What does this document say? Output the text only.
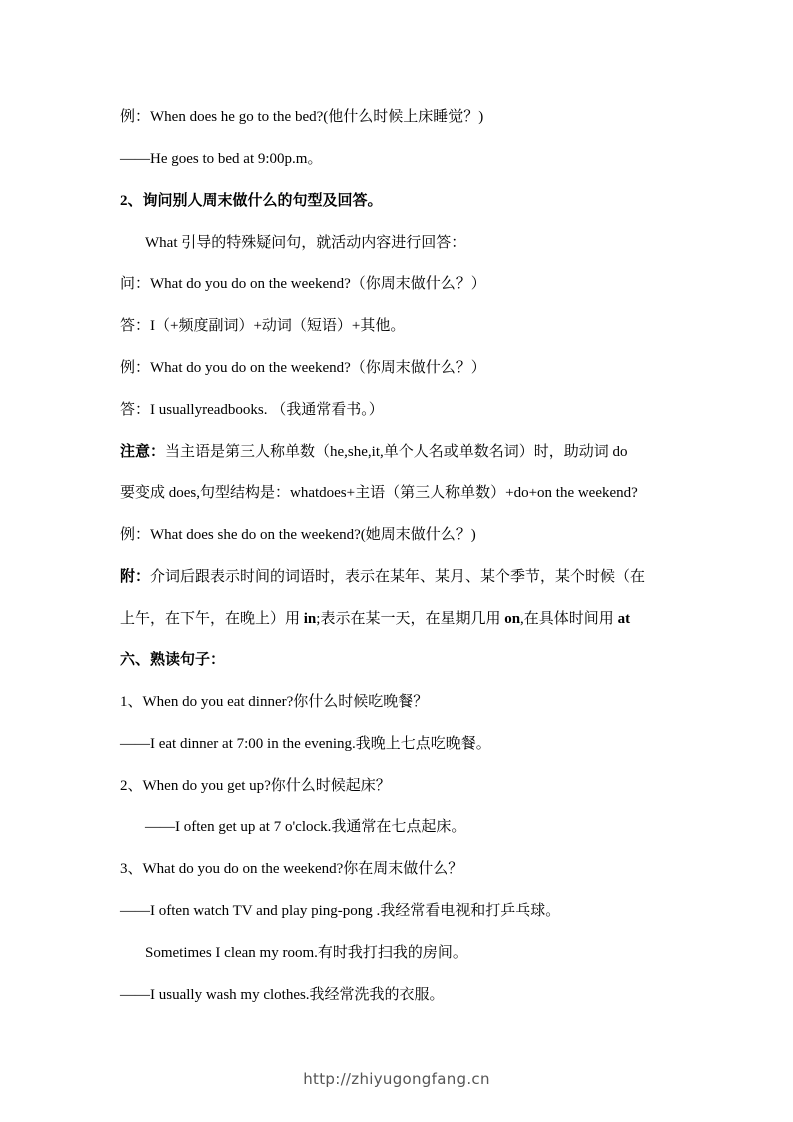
例：When does he go to the bed?(他什么时候上床睡觉？)
——He goes to bed at 9:00p.m。
2、询问别人周末做什么的句型及回答。
What 引导的特殊疑问句，就活动内容进行回答：
问：What do you do on the weekend?（你周末做什么？）
答：I（+频度副词）+动词（短语）+其他。
例：What do you do on the weekend?（你周末做什么？）
答：I usuallyreadbooks. （我通常看书。）
注意：当主语是第三人称单数（he,she,it,单个人名或单数名词）时，助动词 do
要变成 does,句型结构是：whatdoes+主语（第三人称单数）+do+on the weekend?
例：What does she do on the weekend?(她周末做什么？)
附：介词后跟表示时间的词语时，表示在某年、某月、某个季节，某个时候（在
上午，在下午，在晚上）用 in;表示在某一天，在星期几用 on,在具体时间用 at
六、熟读句子：
1、When do you eat dinner?你什么时候吃晚餐？
——I eat dinner at 7:00 in the evening.我晚上七点吃晚餐。
2、When do you get up?你什么时候起床？
——I often get up at 7 o'clock.我通常在七点起床。
3、What do you do on the weekend?你在周末做什么？
——I often watch TV and play ping-pong .我经常看电视和打乒乓球。
Sometimes I clean my room.有时我打扫我的房间。
——I usually wash my clothes.我经常洗我的衣服。
http://zhiyugongfang.cn
